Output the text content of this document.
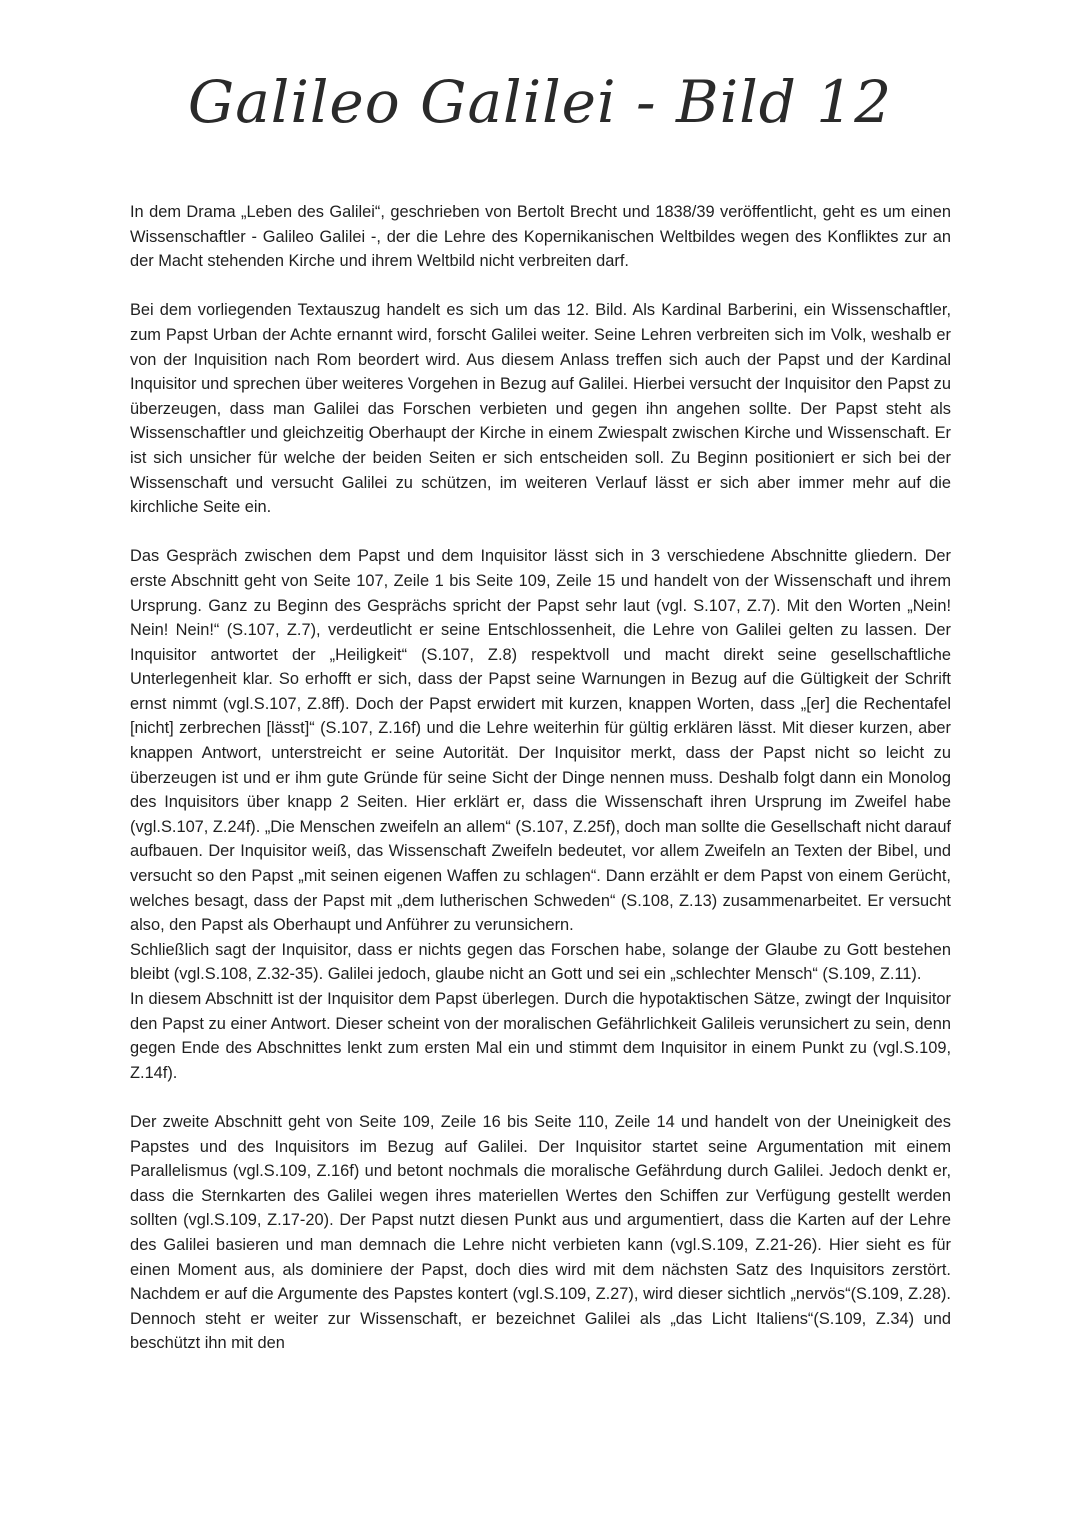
Galileo Galilei - Bild 12

In dem Drama „Leben des Galilei“, geschrieben von Bertolt Brecht und 1838/39 veröffentlicht, geht es um einen Wissenschaftler - Galileo Galilei -, der die Lehre des Kopernikanischen Weltbildes wegen des Konfliktes zur an der Macht stehenden Kirche und ihrem Weltbild nicht verbreiten darf.

Bei dem vorliegenden Textauszug handelt es sich um das 12. Bild. Als Kardinal Barberini, ein Wissenschaftler, zum Papst Urban der Achte ernannt wird, forscht Galilei weiter. Seine Lehren verbreiten sich im Volk, weshalb er von der Inquisition nach Rom beordert wird. Aus diesem Anlass treffen sich auch der Papst und der Kardinal Inquisitor und sprechen über weiteres Vorgehen in Bezug auf Galilei. Hierbei versucht der Inquisitor den Papst zu überzeugen, dass man Galilei das Forschen verbieten und gegen ihn angehen sollte. Der Papst steht als Wissenschaftler und gleichzeitig Oberhaupt der Kirche in einem Zwiespalt zwischen Kirche und Wissenschaft. Er ist sich unsicher für welche der beiden Seiten er sich entscheiden soll. Zu Beginn positioniert er sich bei der Wissenschaft und versucht Galilei zu schützen, im weiteren Verlauf lässt er sich aber immer mehr auf die kirchliche Seite ein.

Das Gespräch zwischen dem Papst und dem Inquisitor lässt sich in 3 verschiedene Abschnitte gliedern. Der erste Abschnitt geht von Seite 107, Zeile 1 bis Seite 109, Zeile 15 und handelt von der Wissenschaft und ihrem Ursprung. Ganz zu Beginn des Gesprächs spricht der Papst sehr laut (vgl. S.107, Z.7). Mit den Worten „Nein! Nein! Nein!“ (S.107, Z.7), verdeutlicht er seine Entschlossenheit, die Lehre von Galilei gelten zu lassen. Der Inquisitor antwortet der „Heiligkeit“ (S.107, Z.8) respektvoll und macht direkt seine gesellschaftliche Unterlegenheit klar. So erhofft er sich, dass der Papst seine Warnungen in Bezug auf die Gültigkeit der Schrift ernst nimmt (vgl.S.107, Z.8ff). Doch der Papst erwidert mit kurzen, knappen Worten, dass „[er] die Rechentafel [nicht] zerbrechen [lässt]“ (S.107, Z.16f) und die Lehre weiterhin für gültig erklären lässt. Mit dieser kurzen, aber knappen Antwort, unterstreicht er seine Autorität. Der Inquisitor merkt, dass der Papst nicht so leicht zu überzeugen ist und er ihm gute Gründe für seine Sicht der Dinge nennen muss. Deshalb folgt dann ein Monolog des Inquisitors über knapp 2 Seiten. Hier erklärt er, dass die Wissenschaft ihren Ursprung im Zweifel habe (vgl.S.107, Z.24f). „Die Menschen zweifeln an allem“ (S.107, Z.25f), doch man sollte die Gesellschaft nicht darauf aufbauen. Der Inquisitor weiß, das Wissenschaft Zweifeln bedeutet, vor allem Zweifeln an Texten der Bibel, und versucht so den Papst „mit seinen eigenen Waffen zu schlagen“. Dann erzählt er dem Papst von einem Gerücht, welches besagt, dass der Papst mit „dem lutherischen Schweden“ (S.108, Z.13) zusammenarbeitet. Er versucht also, den Papst als Oberhaupt und Anführer zu verunsichern.

Schließlich sagt der Inquisitor, dass er nichts gegen das Forschen habe, solange der Glaube zu Gott bestehen bleibt (vgl.S.108, Z.32-35). Galilei jedoch, glaube nicht an Gott und sei ein „schlechter Mensch“ (S.109, Z.11).

In diesem Abschnitt ist der Inquisitor dem Papst überlegen. Durch die hypotaktischen Sätze, zwingt der Inquisitor den Papst zu einer Antwort. Dieser scheint von der moralischen Gefährlichkeit Galileis verunsichert zu sein, denn gegen Ende des Abschnittes lenkt zum ersten Mal ein und stimmt dem Inquisitor in einem Punkt zu (vgl.S.109, Z.14f).

Der zweite Abschnitt geht von Seite 109, Zeile 16 bis Seite 110, Zeile 14 und handelt von der Uneinigkeit des Papstes und des Inquisitors im Bezug auf Galilei. Der Inquisitor startet seine Argumentation mit einem Parallelismus (vgl.S.109, Z.16f) und betont nochmals die moralische Gefährdung durch Galilei. Jedoch denkt er, dass die Sternkarten des Galilei wegen ihres materiellen Wertes den Schiffen zur Verfügung gestellt werden sollten (vgl.S.109, Z.17-20). Der Papst nutzt diesen Punkt aus und argumentiert, dass die Karten auf der Lehre des Galilei basieren und man demnach die Lehre nicht verbieten kann (vgl.S.109, Z.21-26). Hier sieht es für einen Moment aus, als dominiere der Papst, doch dies wird mit dem nächsten Satz des Inquisitors zerstört. Nachdem er auf die Argumente des Papstes kontert (vgl.S.109, Z.27), wird dieser sichtlich „nervös“(S.109, Z.28). Dennoch steht er weiter zur Wissenschaft, er bezeichnet Galilei als „das Licht Italiens“(S.109, Z.34) und beschützt ihn mit den
